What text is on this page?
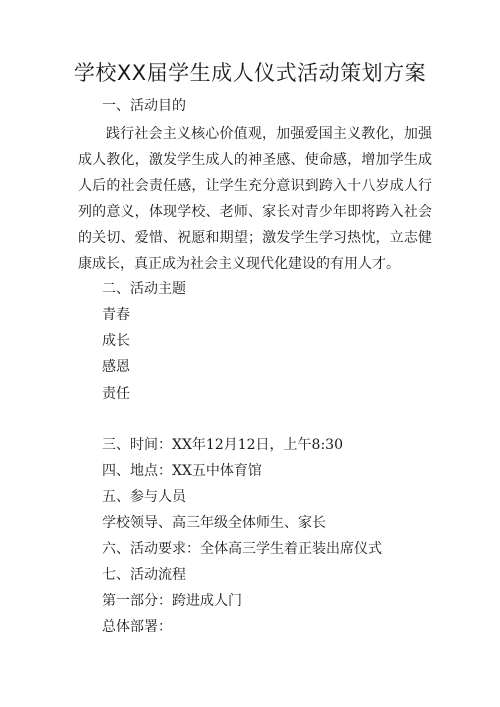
学校XX届学生成人仪式活动策划方案
一、活动目的
践行社会主义核心价值观，加强爱国主义教化，加强成人教化，激发学生成人的神圣感、使命感，增加学生成人后的社会责任感，让学生充分意识到跨入十八岁成人行列的意义，体现学校、老师、家长对青少年即将跨入社会的关切、爱惜、祝愿和期望；激发学生学习热忱，立志健康成长，真正成为社会主义现代化建设的有用人才。
二、活动主题
青春
成长
感恩
责任
三、时间：XX年12月12日，上午8:30
四、地点：XX五中体育馆
五、参与人员
学校领导、高三年级全体师生、家长
六、活动要求：全体高三学生着正装出席仪式
七、活动流程
第一部分：跨进成人门
总体部署：
